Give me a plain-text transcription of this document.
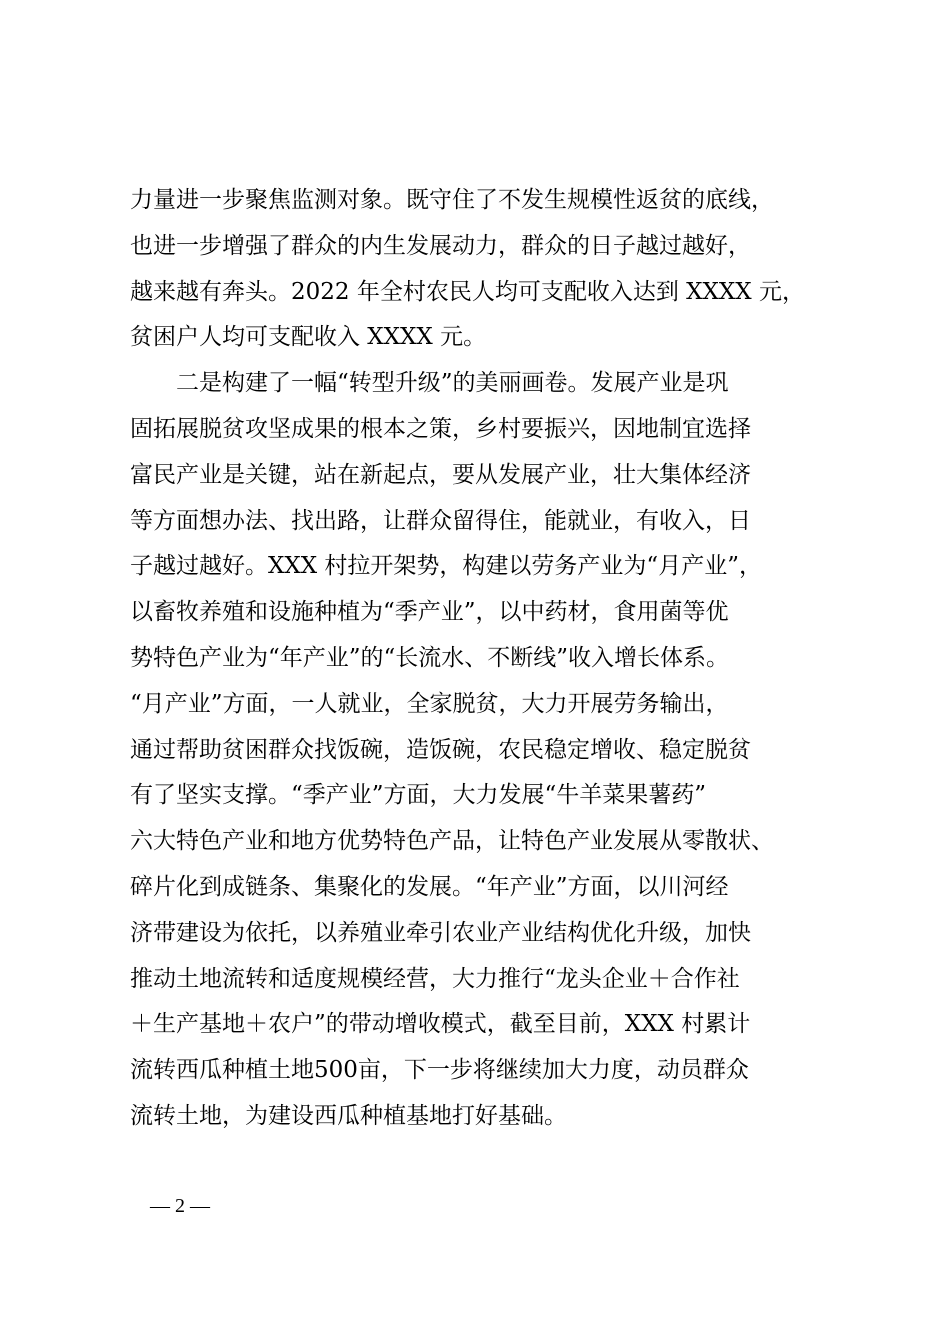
力量进一步聚焦监测对象。既守住了不发生规模性返贫的底线，
也进一步增强了群众的内生发展动力，群众的日子越过越好，
越来越有奔头。2022 年全村农民人均可支配收入达到 XXXX 元，
贫困户人均可支配收入 XXXX 元。
　　二是构建了一幅“转型升级”的美丽画卷。发展产业是巩
固拓展脱贫攻坚成果的根本之策，乡村要振兴，因地制宜选择
富民产业是关键，站在新起点，要从发展产业，壮大集体经济
等方面想办法、找出路，让群众留得住，能就业，有收入，日
子越过越好。XXX 村拉开架势，构建以劳务产业为“月产业”，
以畜牧养殖和设施种植为“季产业”，以中药材，食用菌等优
势特色产业为“年产业”的“长流水、不断线”收入增长体系。
“月产业”方面，一人就业，全家脱贫，大力开展劳务输出，
通过帮助贫困群众找饭碗，造饭碗，农民稳定增收、稳定脱贫
有了坚实支撑。“季产业”方面，大力发展“牛羊菜果薯药”
六大特色产业和地方优势特色产品，让特色产业发展从零散状、
碎片化到成链条、集聚化的发展。“年产业”方面，以川河经
济带建设为依托，以养殖业牵引农业产业结构优化升级，加快
推动土地流转和适度规模经营，大力推行“龙头企业＋合作社
＋生产基地＋农户”的带动增收模式，截至目前，XXX 村累计
流转西瓜种植土地500亩，下一步将继续加大力度，动员群众
流转土地，为建设西瓜种植基地打好基础。
— 2 —
